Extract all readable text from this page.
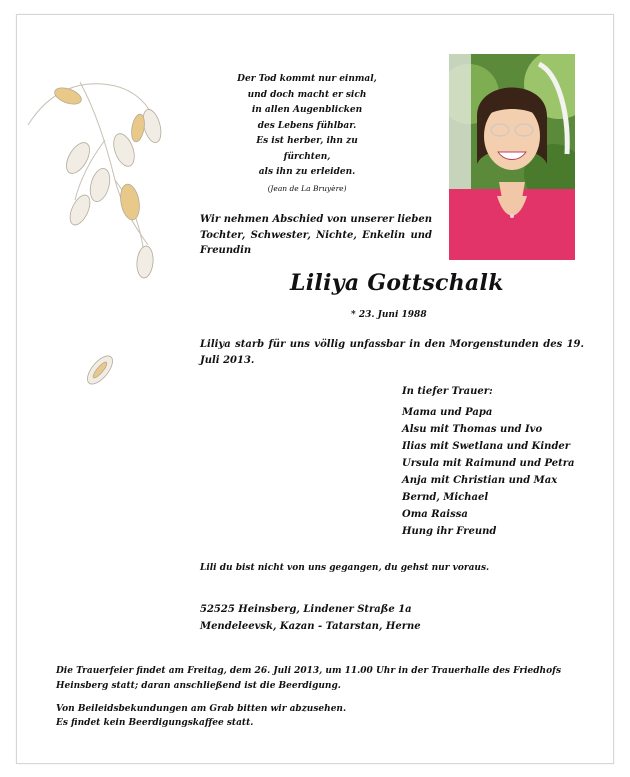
Der Tod kommt nur einmal,
und doch macht er sich
in allen Augenblicken
des Lebens fühlbar.
Es ist herber, ihn zu fürchten,
als ihn zu erleiden.
(Jean de La Bruyère)
Wir nehmen Abschied von unserer lieben Tochter, Schwester, Nichte, Enkelin und Freundin
Liliya Gottschalk
* 23. Juni 1988
Liliya starb für uns völlig unfassbar in den Morgenstunden des 19. Juli 2013.
In tiefer Trauer:
Mama und Papa
Alsu mit Thomas und Ivo
Ilias mit Swetlana und Kinder
Ursula mit Raimund und Petra
Anja mit Christian und Max
Bernd, Michael
Oma Raissa
Hung ihr Freund
Lili du bist nicht von uns gegangen, du gehst nur voraus.
52525 Heinsberg, Lindener Straße 1a
Mendeleevsk, Kazan - Tatarstan, Herne
Die Trauerfeier findet am Freitag, dem 26. Juli 2013, um 11.00 Uhr in der Trauerhalle des Friedhofs Heinsberg statt; daran anschließend ist die Beerdigung.
Von Beileidsbekundungen am Grab bitten wir abzusehen.
Es findet kein Beerdigungskaffee statt.
